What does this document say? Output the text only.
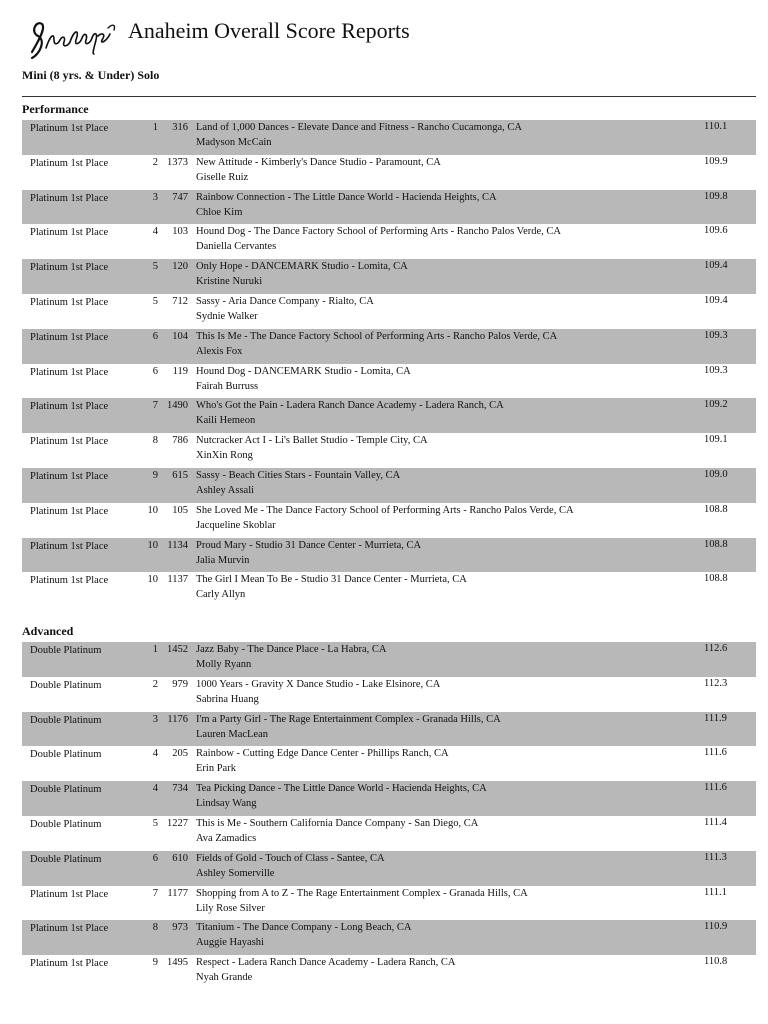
Anaheim Overall Score Reports
Mini (8 yrs. & Under) Solo
Performance
Platinum 1st Place	1 316 Land of 1,000 Dances - Elevate Dance and Fitness - Rancho Cucamonga, CA
Madyson McCain
110.1
Platinum 1st Place	2 1373 New Attitude - Kimberly's Dance Studio - Paramount, CA
Giselle Ruiz
109.9
Platinum 1st Place	3 747 Rainbow Connection - The Little Dance World - Hacienda Heights, CA
Chloe Kim
109.8
Platinum 1st Place	4 103 Hound Dog - The Dance Factory School of Performing Arts - Rancho Palos Verde, CA
Daniella Cervantes
109.6
Platinum 1st Place	5 120 Only Hope - DANCEMARK Studio - Lomita, CA
Kristine Nuruki
109.4
Platinum 1st Place	5 712 Sassy - Aria Dance Company - Rialto, CA
Sydnie Walker
109.4
Platinum 1st Place	6 104 This Is Me - The Dance Factory School of Performing Arts - Rancho Palos Verde, CA
Alexis Fox
109.3
Platinum 1st Place	6 119 Hound Dog - DANCEMARK Studio - Lomita, CA
Fairah Burruss
109.3
Platinum 1st Place	7 1490 Who's Got the Pain - Ladera Ranch Dance Academy - Ladera Ranch, CA
Kaili Hemeon
109.2
Platinum 1st Place	8 786 Nutcracker Act I - Li's Ballet Studio - Temple City, CA
XinXin Rong
109.1
Platinum 1st Place	9 615 Sassy - Beach Cities Stars - Fountain Valley, CA
Ashley Assali
109.0
Platinum 1st Place	10 105 She Loved Me - The Dance Factory School of Performing Arts - Rancho Palos Verde, CA
Jacqueline Skoblar
108.8
Platinum 1st Place	10 1134 Proud Mary - Studio 31 Dance Center - Murrieta, CA
Jalia Murvin
108.8
Platinum 1st Place	10 1137 The Girl I Mean To Be - Studio 31 Dance Center - Murrieta, CA
Carly Allyn
108.8
Advanced
Double Platinum	1 1452 Jazz Baby - The Dance Place - La Habra, CA
Molly Ryann
112.6
Double Platinum	2 979 1000 Years - Gravity X Dance Studio - Lake Elsinore, CA
Sabrina Huang
112.3
Double Platinum	3 1176 I'm a Party Girl - The Rage Entertainment Complex - Granada Hills, CA
Lauren MacLean
111.9
Double Platinum	4 205 Rainbow - Cutting Edge Dance Center - Phillips Ranch, CA
Erin Park
111.6
Double Platinum	4 734 Tea Picking Dance - The Little Dance World - Hacienda Heights, CA
Lindsay Wang
111.6
Double Platinum	5 1227 This is Me - Southern California Dance Company - San Diego, CA
Ava Zamadics
111.4
Double Platinum	6 610 Fields of Gold - Touch of Class - Santee, CA
Ashley Somerville
111.3
Platinum 1st Place	7 1177 Shopping from A to Z - The Rage Entertainment Complex - Granada Hills, CA
Lily Rose Silver
111.1
Platinum 1st Place	8 973 Titanium - The Dance Company - Long Beach, CA
Auggie Hayashi
110.9
Platinum 1st Place	9 1495 Respect - Ladera Ranch Dance Academy - Ladera Ranch, CA
Nyah Grande
110.8
